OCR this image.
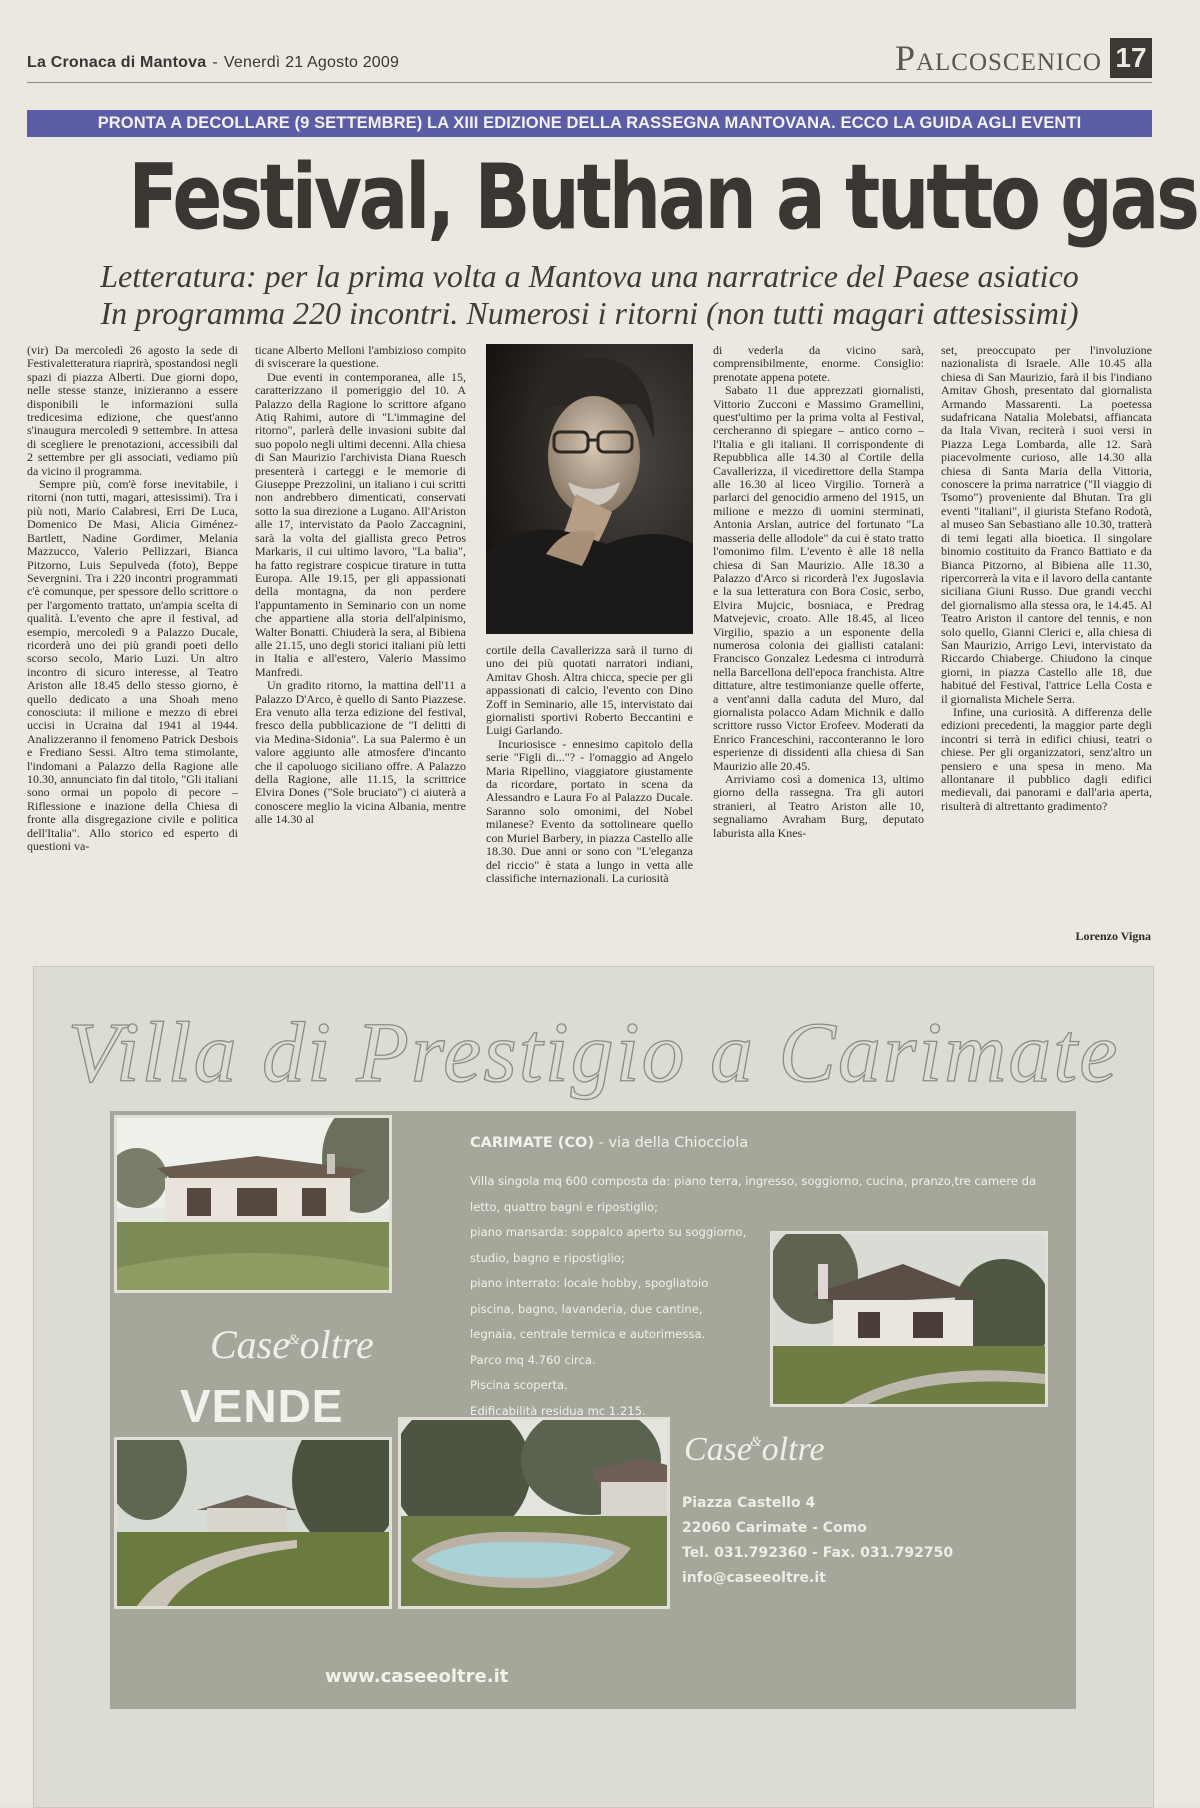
La Cronaca di Mantova - Venerdì 21 Agosto 2009	Palcoscenico 17
PRONTA A DECOLLARE (9 SETTEMBRE) LA XIII EDIZIONE DELLA RASSEGNA MANTOVANA. ECCO LA GUIDA AGLI EVENTI
Festival, Buthan a tutto gas
Letteratura: per la prima volta a Mantova una narratrice del Paese asiatico
In programma 220 incontri. Numerosi i ritorni (non tutti magari attesissimi)

(vir) Da mercoledì 26 agosto la sede di Festivaletteratura riaprirà, spostandosi negli spazi di piazza Alberti. Due giorni dopo, nelle stesse stanze, inizieranno a essere disponibili le informazioni sulla tredicesima edizione, che quest'anno s'inaugura mercoledì 9 settembre. In attesa di scegliere le prenotazioni, accessibili dal 2 settembre per gli associati, vediamo più da vicino il programma.

Sempre più, com'è forse inevitabile, i ritorni (non tutti, magari, attesissimi). Tra i più noti, Mario Calabresi, Erri De Luca, Domenico De Masi, Alicia Giménez-Bartlett, Nadine Gordimer, Melania Mazzucco, Valerio Pellizzari, Bianca Pitzorno, Luis Sepulveda (foto), Beppe Severgnini. Tra i 220 incontri programmati c'è comunque, per spessore dello scrittore o per l'argomento trattato, un'ampia scelta di qualità. L'evento che apre il festival, ad esempio, mercoledì 9 a Palazzo Ducale, ricorderà uno dei più grandi poeti dello scorso secolo, Mario Luzi. Un altro incontro di sicuro interesse, al Teatro Ariston alle 18.45 dello stesso giorno, è quello dedicato a una Shoah meno conosciuta: il milione e mezzo di ebrei uccisi in Ucraina dal 1941 al 1944. Analizzeranno il fenomeno Patrick Desbois e Frediano Sessi. Altro tema stimolante, l'indomani a Palazzo della Ragione alle 10.30, annunciato fin dal titolo, "Gli italiani sono ormai un popolo di pecore – Riflessione e inazione della Chiesa di fronte alla disgregazione civile e politica dell'Italia". Allo storico ed esperto di questioni va-

ticane Alberto Melloni l'ambizioso compito di sviscerare la questione.

Due eventi in contemporanea, alle 15, caratterizzano il pomeriggio del 10. A Palazzo della Ragione lo scrittore afgano Atiq Rahimi, autore di "L'immagine del ritorno", parlerà delle invasioni subite dal suo popolo negli ultimi decenni. Alla chiesa di San Maurizio l'archivista Diana Ruesch presenterà i carteggi e le memorie di Giuseppe Prezzolini, un italiano i cui scritti non andrebbero dimenticati, conservati sotto la sua direzione a Lugano. All'Ariston alle 17, intervistato da Paolo Zaccagnini, sarà la volta del giallista greco Petros Markaris, il cui ultimo lavoro, "La balia", ha fatto registrare cospicue tirature in tutta Europa. Alle 19.15, per gli appassionati della montagna, da non perdere l'appuntamento in Seminario con un nome che appartiene alla storia dell'alpinismo, Walter Bonatti. Chiuderà la sera, al Bibiena alle 21.15, uno degli storici italiani più letti in Italia e all'estero, Valerio Massimo Manfredi.

Un gradito ritorno, la mattina dell'11 a Palazzo D'Arco, è quello di Santo Piazzese. Era venuto alla terza edizione del festival, fresco della pubblicazione de "I delitti di via Medina-Sidonia". La sua Palermo è un valore aggiunto alle atmosfere d'incanto che il capoluogo siciliano offre. A Palazzo della Ragione, alle 11.15, la scrittrice Elvira Dones ("Sole bruciato") ci aiuterà a conoscere meglio la vicina Albania, mentre alle 14.30 al

cortile della Cavallerizza sarà il turno di uno dei più quotati narratori indiani, Amitav Ghosh. Altra chicca, specie per gli appassionati di calcio, l'evento con Dino Zoff in Seminario, alle 15, intervistato dai giornalisti sportivi Roberto Beccantini e Luigi Garlando.

Incuriosisce - ennesimo capitolo della serie "Figli di..."? - l'omaggio ad Angelo Maria Ripellino, viaggiatore giustamente da ricordare, portato in scena da Alessandro e Laura Fo al Palazzo Ducale. Saranno solo omonimi, del Nobel milanese? Evento da sottolineare quello con Muriel Barbery, in piazza Castello alle 18.30. Due anni or sono con "L'eleganza del riccio" è stata a lungo in vetta alle classifiche internazionali. La curiosità

di vederla da vicino sarà, comprensibilmente, enorme. Consiglio: prenotate appena potete.

Sabato 11 due apprezzati giornalisti, Vittorio Zucconi e Massimo Gramellini, quest'ultimo per la prima volta al Festival, cercheranno di spiegare – antico corno – l'Italia e gli italiani. Il corrispondente di Repubblica alle 14.30 al Cortile della Cavallerizza, il vicedirettore della Stampa alle 16.30 al liceo Virgilio. Tornerà a parlarci del genocidio armeno del 1915, un milione e mezzo di uomini sterminati, Antonia Arslan, autrice del fortunato "La masseria delle allodole" da cui è stato tratto l'omonimo film. L'evento è alle 18 nella chiesa di San Maurizio. Alle 18.30 a Palazzo d'Arco si ricorderà l'ex Jugoslavia e la sua letteratura con Bora Cosic, serbo, Elvira Mujcic, bosniaca, e Predrag Matvejevic, croato. Alle 18.45, al liceo Virgilio, spazio a un esponente della numerosa colonia dei giallisti catalani: Francisco Gonzalez Ledesma ci introdurrà nella Barcellona dell'epoca franchista. Altre dittature, altre testimonianze quelle offerte, a vent'anni dalla caduta del Muro, dal giornalista polacco Adam Michnik e dallo scrittore russo Victor Erofeev. Moderati da Enrico Franceschini, racconteranno le loro esperienze di dissidenti alla chiesa di San Maurizio alle 20.45.

Arriviamo così a domenica 13, ultimo giorno della rassegna. Tra gli autori stranieri, al Teatro Ariston alle 10, segnaliamo Avraham Burg, deputato laburista alla Knes-

set, preoccupato per l'involuzione nazionalista di Israele. Alle 10.45 alla chiesa di San Maurizio, farà il bis l'indiano Amitav Ghosh, presentato dal giornalista Armando Massarenti. La poetessa sudafricana Natalia Molebatsi, affiancata da Itala Vivan, reciterà i suoi versi in Piazza Lega Lombarda, alle 12. Sarà piacevolmente curioso, alle 14.30 alla chiesa di Santa Maria della Vittoria, conoscere la prima narratrice ("Il viaggio di Tsomo") proveniente dal Bhutan. Tra gli eventi "italiani", il giurista Stefano Rodotà, al museo San Sebastiano alle 10.30, tratterà di temi legati alla bioetica. Il singolare binomio costituito da Franco Battiato e da Bianca Pitzorno, al Bibiena alle 11.30, ripercorrerà la vita e il lavoro della cantante siciliana Giuni Russo. Due grandi vecchi del giornalismo alla stessa ora, le 14.45. Al Teatro Ariston il cantore del tennis, e non solo quello, Gianni Clerici e, alla chiesa di San Maurizio, Arrigo Levi, intervistato da Riccardo Chiaberge. Chiudono la cinque giorni, in piazza Castello alle 18, due habitué del Festival, l'attrice Lella Costa e il giornalista Michele Serra.

Infine, una curiosità. A differenza delle edizioni precedenti, la maggior parte degli incontri si terrà in edifici chiusi, teatri o chiese. Per gli organizzatori, senz'altro un pensiero e una spesa in meno. Ma allontanare il pubblico dagli edifici medievali, dai panorami e dall'aria aperta, risulterà di altrettanto gradimento?

Lorenzo Vigna
Villa di Prestigio a Carimate
CARIMATE (CO) - via della Chiocciola
Villa singola mq 600 composta da: piano terra, ingresso, soggiorno, cucina, pranzo,tre camere da
letto, quattro bagni e ripostiglio;
piano mansarda: soppalco aperto su soggiorno,
studio, bagno e ripostiglio;
piano interrato: locale hobby, spogliatoio
piscina, bagno, lavanderia, due cantine,
legnaia, centrale termica e autorimessa.
Parco mq 4.760 circa.
Piscina scoperta.
Edificabilità residua mc 1.215.
Case&oltre
VENDE
Case&oltre
Piazza Castello 4
22060 Carimate - Como
Tel. 031.792360 - Fax. 031.792750
info@caseeoltre.it
www.caseeoltre.it
